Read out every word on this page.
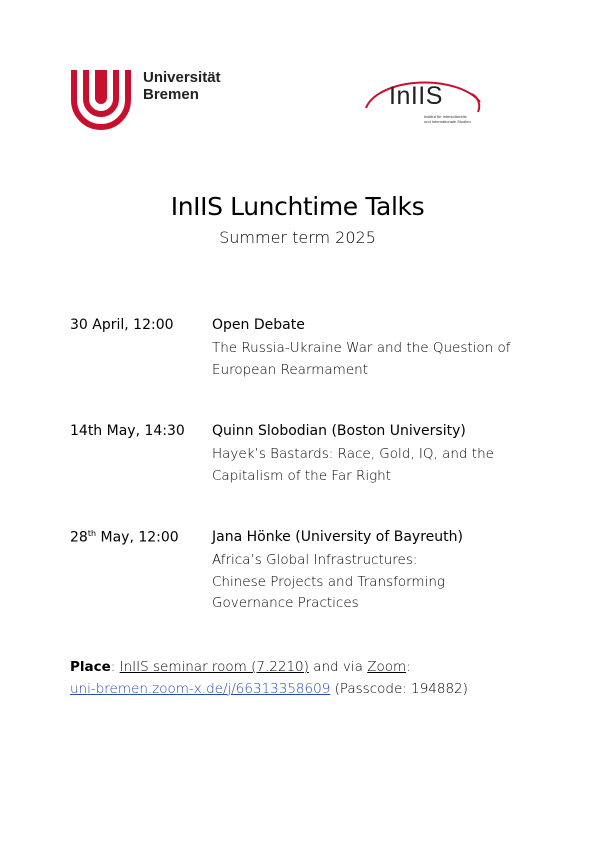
Universität
Bremen	InIIS
Institut für Interkulturelle
und Internationale Studien
InIIS Lunchtime Talks
Summer term 2025
30 April, 12:00	Open Debate
The Russia-Ukraine War and the Question of
European Rearmament
14th May, 14:30 Quinn Slobodian (Boston University)
Hayek’s Bastards: Race, Gold, IQ, and the
Capitalism of the Far Right
28th May, 12:00 Jana Hönke (University of Bayreuth)
Africa’s Global Infrastructures:
Chinese Projects and Transforming
Governance Practices
Place: InIIS seminar room (7.2210) and via Zoom:
uni-bremen.zoom-x.de/j/66313358609 (Passcode: 194882)
